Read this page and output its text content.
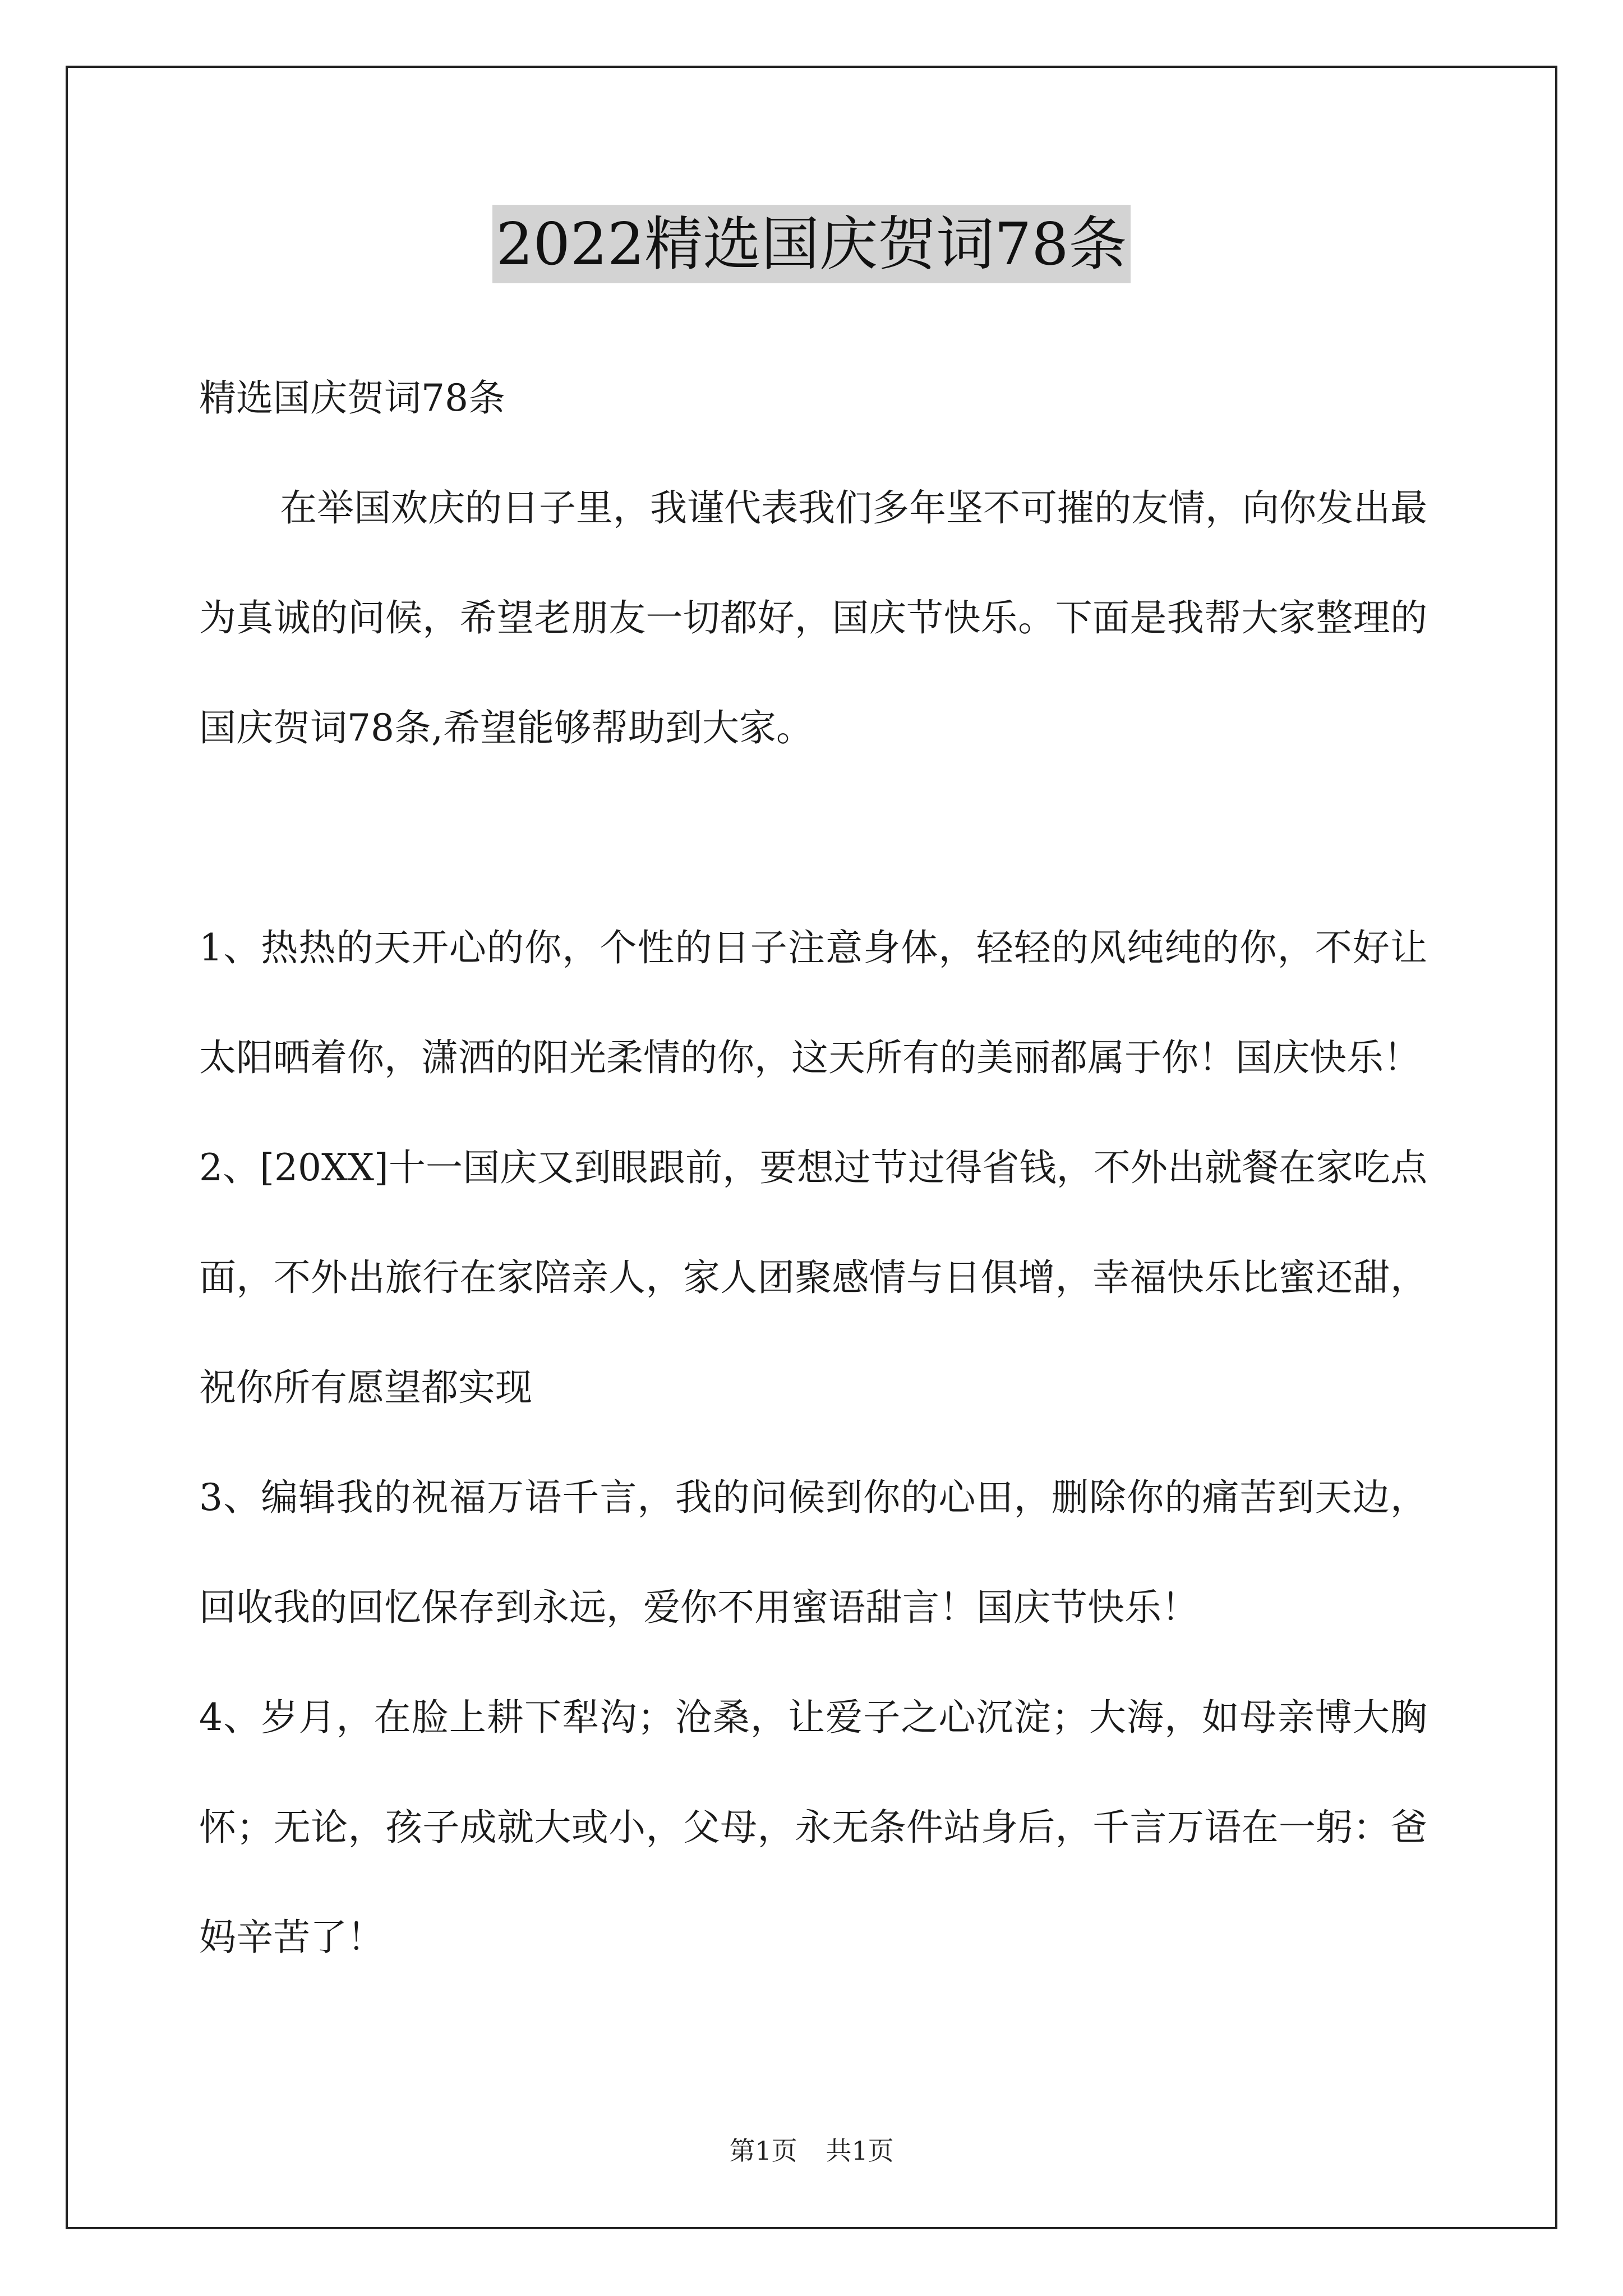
2022精选国庆贺词78条

精选国庆贺词78条

在举国欢庆的日子里，我谨代表我们多年坚不可摧的友情，向你发出最为真诚的问候，希望老朋友一切都好，国庆节快乐。下面是我帮大家整理的国庆贺词78条,希望能够帮助到大家。

1、热热的天开心的你，个性的日子注意身体，轻轻的风纯纯的你，不好让太阳晒着你，潇洒的阳光柔情的你，这天所有的美丽都属于你！国庆快乐！

2、[20XX]十一国庆又到眼跟前，要想过节过得省钱，不外出就餐在家吃点面，不外出旅行在家陪亲人，家人团聚感情与日俱增，幸福快乐比蜜还甜，祝你所有愿望都实现

3、编辑我的祝福万语千言，我的问候到你的心田，删除你的痛苦到天边，回收我的回忆保存到永远，爱你不用蜜语甜言！国庆节快乐！

4、岁月，在脸上耕下犁沟；沧桑，让爱子之心沉淀；大海，如母亲博大胸怀；无论，孩子成就大或小，父母，永无条件站身后，千言万语在一躬：爸妈辛苦了！

第1页 共1页
